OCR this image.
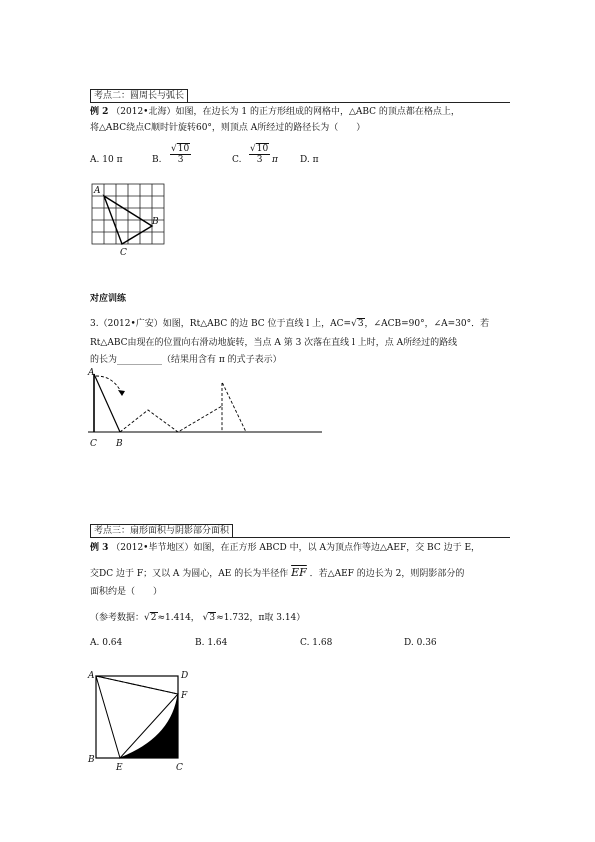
考点二：圆周长与弧长
例 2 （2012•北海）如图，在边长为 1 的正方形组成的网格中，△ABC 的顶点都在格点上，
将△ABC绕点C顺时针旋转60°，则顶点 A所经过的路径长为（　　）
A. 10 π	B. $\frac{√10}{3}$	C. $\frac{√10}{3}$ π D. π
A
B
C
对应训练
3.（2012•广安）如图，Rt△ABC 的边 BC 位于直线 l 上，AC=√3，∠ACB=90°，∠A=30°．若
Rt△ABC由现在的位置向右滑动地旋转，当点 A 第 3 次落在直线 l 上时，点 A所经过的路线
的长为__________（结果用含有 π 的式子表示）
A
C B
考点三：扇形面积与阴影部分面积
例 3 （2012•毕节地区）如图，在正方形 ABCD 中，以 A为顶点作等边△AEF，交 BC 边于 E，
交DC 边于 F；又以 A 为圆心，AE 的长为半径作 $\overline{EF}$ ．若△AEF 的边长为 2，则阴影部分的
面积约是（　　）
（参考数据：√2≈1.414， √3≈1.732，π取 3.14）
A. 0.64	B. 1.64	C. 1.68	D. 0.36
A	D
F
B
E	C
